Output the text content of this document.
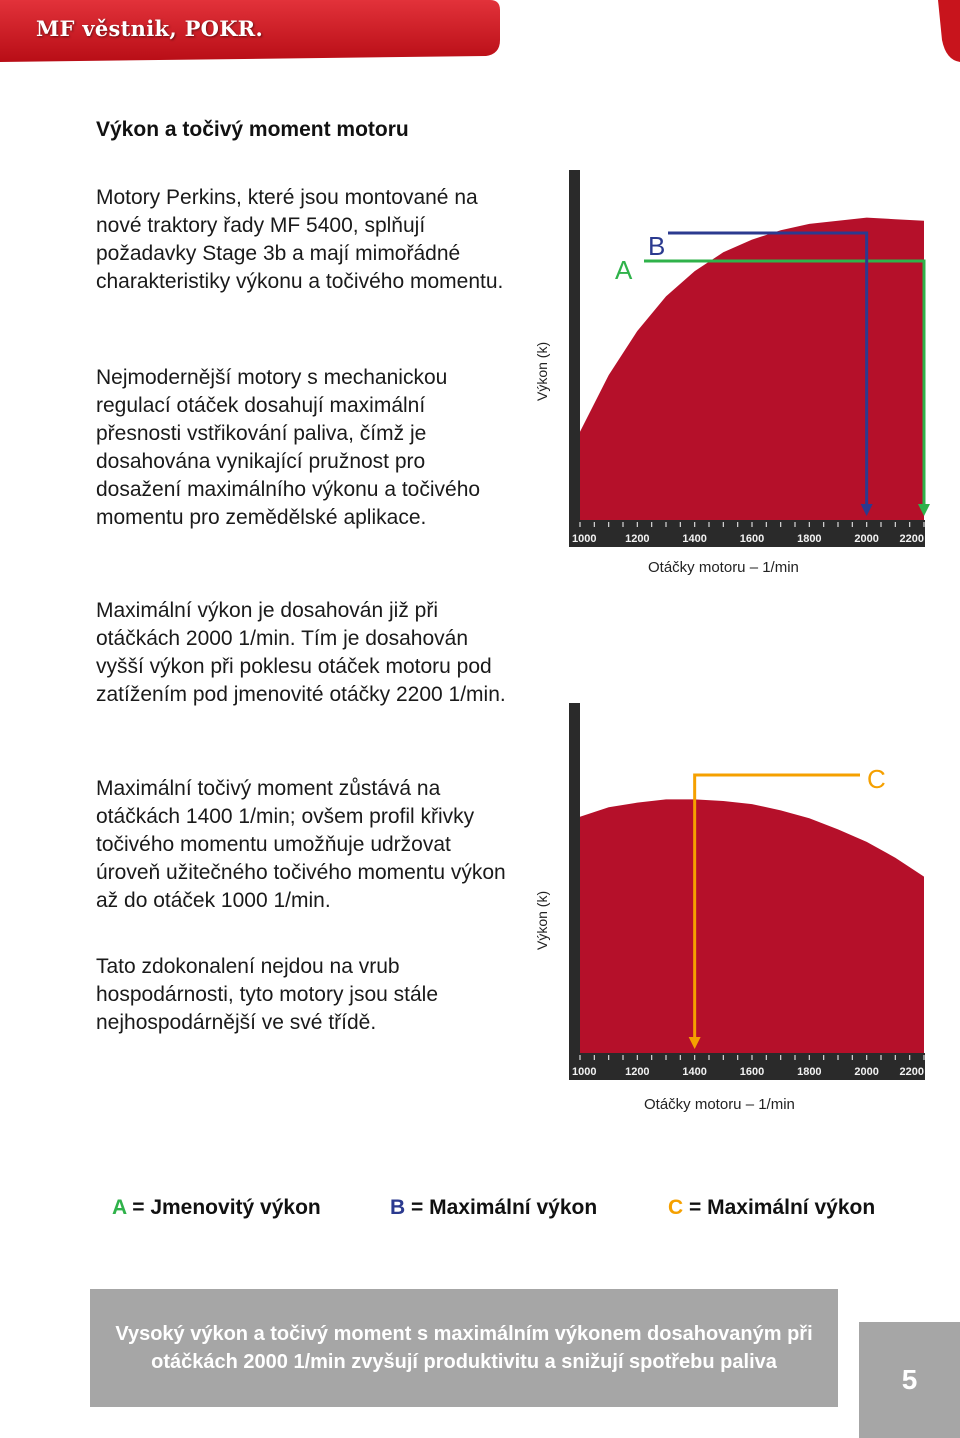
MF věstnik, POKR.
Výkon a točivý moment motoru

Motory Perkins, které jsou montované na nové traktory řady MF 5400, splňují požadavky Stage 3b a mají mimořádné charakteristiky výkonu a točivého momentu.

Nejmodernější motory s mechanickou regulací otáček dosahují maximální přesnosti vstřikování paliva, čímž je dosahována vynikající pružnost pro dosažení maximálního výkonu a točivého momentu pro zemědělské aplikace.

Maximální výkon je dosahován již při otáčkách 2000 1/min. Tím je dosahován vyšší výkon při poklesu otáček motoru pod zatížením pod jmenovité otáčky 2200 1/min.

Maximální točivý moment zůstává na otáčkách 1400 1/min; ovšem profil křivky točivého momentu umožňuje udržovat úroveň užitečného točivého momentu výkon až do otáček 1000 1/min.

Tato zdokonalení nejdou na vrub hospodárnosti, tyto motory jsou stále nejhospodárnější ve své třídě.

A
B
1000	1200	1400	1600	1800	2000 2200
Výkon (k)
Otáčky motoru – 1/min
C
1000	1200	1400	1600	1800	2000 2200
Výkon (k)
Otáčky motoru – 1/min
A = Jmenovitý výkon	B = Maximální výkon	C = Maximální výkon
Vysoký výkon a točivý moment s maximálním výkonem dosahovaným při otáčkách 2000 1/min zvyšují produktivitu a snižují spotřebu paliva
5
